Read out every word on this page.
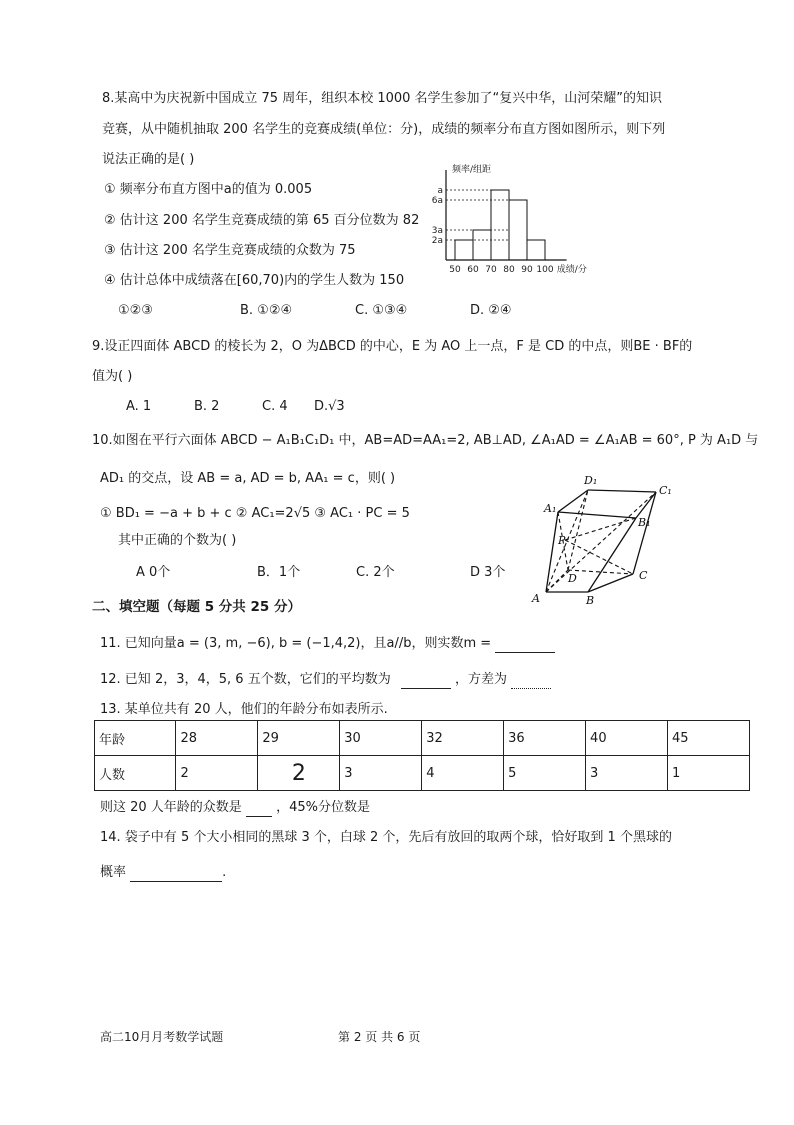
8.某高中为庆祝新中国成立 75 周年，组织本校 1000 名学生参加了“复兴中华，山河荣耀”的知识
竞赛，从中随机抽取 200 名学生的竞赛成绩(单位：分)，成绩的频率分布直方图如图所示，则下列
说法正确的是( )
① 频率分布直方图中a的值为 0.005
② 估计这 200 名学生竞赛成绩的第 65 百分位数为 82
③ 估计这 200 名学生竞赛成绩的众数为 75
④ 估计总体中成绩落在[60,70)内的学生人数为 150
①②③	B. ①②④	C. ①③④	D. ②④
2a
3a
6a
a
50 60 70 80 90 100 成绩/分
频率/组距
9.设正四面体 ABCD 的棱长为 2，O 为ΔBCD 的中心，E 为 AO 上一点，F 是 CD 的中点，则BE · BF的
值为( )
A. 1	B. 2	C. 4 D.√3
10.如图在平行六面体 ABCD − A₁B₁C₁D₁ 中，AB=AD=AA₁=2, AB⊥AD, ∠A₁AD = ∠A₁AB = 60°, P 为 A₁D 与
AD₁ 的交点，设 AB = a, AD = b, AA₁ = c，则( )
① BD₁ = −a + b + c ② AC₁=2√5 ③ AC₁ · PC = 5
其中正确的个数为( )
A 0个	B．1个	C. 2个	D 3个
A	B
C
D
A₁
B₁
C₁
D₁
P
二、填空题（每题 5 分共 25 分）
11. 已知向量a = (3, m, −6), b = (−1,4,2)，且a//b，则实数m =
12. 已知 2，3，4，5, 6 五个数，它们的平均数为	，方差为
13. 某单位共有 20 人，他们的年龄分布如表所示.
年龄	28	29	30	32	36	40	45
人数	2	2	3	4	5	3	1
则这 20 人年龄的众数是	，45%分位数是
14. 袋子中有 5 个大小相同的黑球 3 个，白球 2 个，先后有放回的取两个球，恰好取到 1 个黑球的
概率	.
高二10月月考数学试题	第 2 页 共 6 页
